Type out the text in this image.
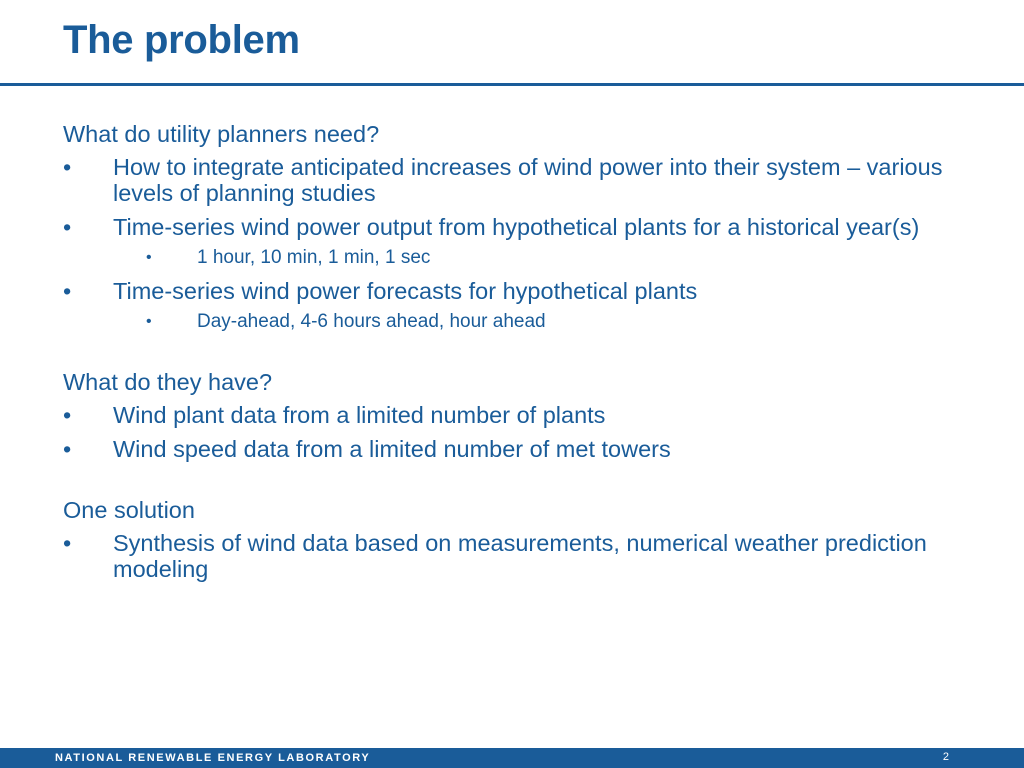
The problem

What do utility planners need?

• How to integrate anticipated increases of wind power into their system – various levels of planning studies
• Time-series wind power output from hypothetical plants for a historical year(s)
• 1 hour, 10 min, 1 min, 1 sec
• Time-series wind power forecasts for hypothetical plants
• Day-ahead, 4-6 hours ahead, hour ahead

What do they have?

• Wind plant data from a limited number of plants
• Wind speed data from a limited number of met towers

One solution

• Synthesis of wind data based on measurements, numerical weather prediction modeling
NATIONAL RENEWABLE ENERGY LABORATORY	2
